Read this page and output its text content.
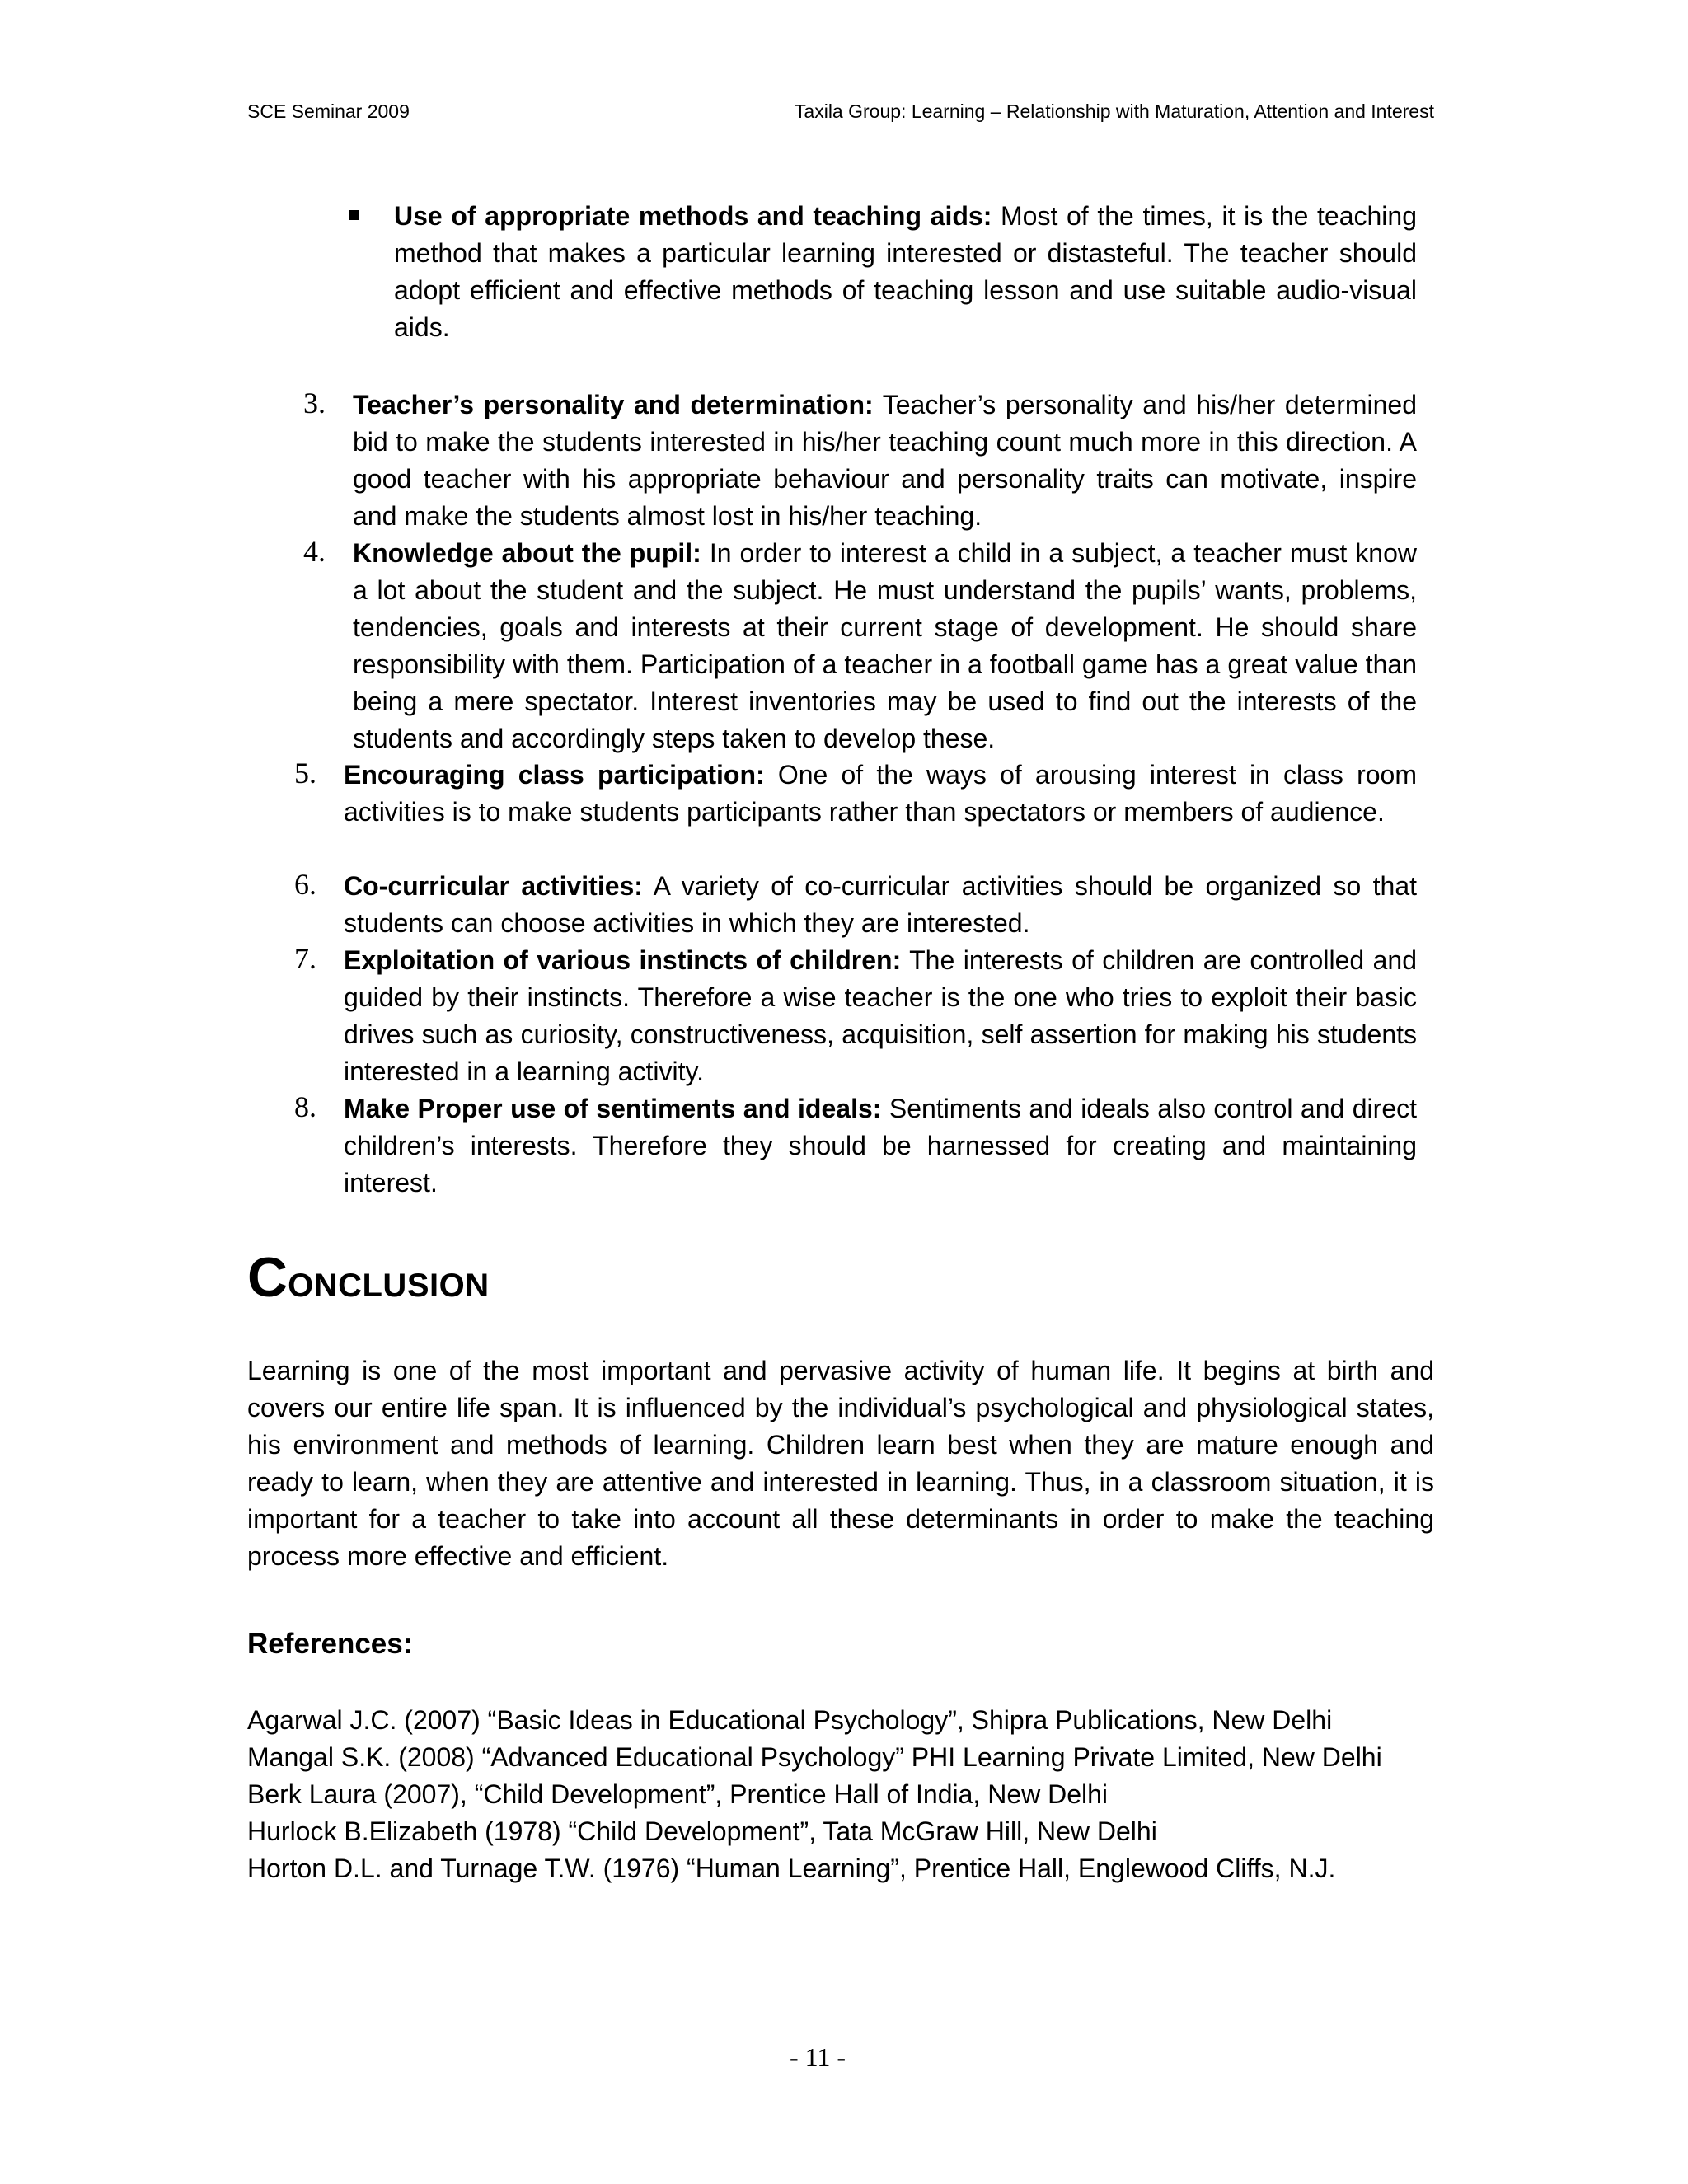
SCE Seminar 2009	Taxila Group: Learning – Relationship with Maturation, Attention and Interest
Use of appropriate methods and teaching aids: Most of the times, it is the teaching method that makes a particular learning interested or distasteful. The teacher should adopt efficient and effective methods of teaching lesson and use suitable audio-visual aids.
3. Teacher’s personality and determination: Teacher’s personality and his/her determined bid to make the students interested in his/her teaching count much more in this direction. A good teacher with his appropriate behaviour and personality traits can motivate, inspire and make the students almost lost in his/her teaching.
4. Knowledge about the pupil: In order to interest a child in a subject, a teacher must know a lot about the student and the subject. He must understand the pupils’ wants, problems, tendencies, goals and interests at their current stage of development. He should share responsibility with them. Participation of a teacher in a football game has a great value than being a mere spectator. Interest inventories may be used to find out the interests of the students and accordingly steps taken to develop these.
5. Encouraging class participation: One of the ways of arousing interest in class room activities is to make students participants rather than spectators or members of audience.
6. Co-curricular activities: A variety of co-curricular activities should be organized so that students can choose activities in which they are interested.
7. Exploitation of various instincts of children: The interests of children are controlled and guided by their instincts. Therefore a wise teacher is the one who tries to exploit their basic drives such as curiosity, constructiveness, acquisition, self assertion for making his students interested in a learning activity.
8. Make Proper use of sentiments and ideals: Sentiments and ideals also control and direct children’s interests. Therefore they should be harnessed for creating and maintaining interest.
CONCLUSION
Learning is one of the most important and pervasive activity of human life. It begins at birth and covers our entire life span. It is influenced by the individual’s psychological and physiological states, his environment and methods of learning. Children learn best when they are mature enough and ready to learn, when they are attentive and interested in learning. Thus, in a classroom situation, it is important for a teacher to take into account all these determinants in order to make the teaching process more effective and efficient.
References:
Agarwal J.C. (2007) “Basic Ideas in Educational Psychology”, Shipra Publications, New Delhi
Mangal S.K. (2008) “Advanced Educational Psychology” PHI Learning Private Limited, New Delhi
Berk Laura (2007), “Child Development”, Prentice Hall of India, New Delhi
Hurlock B.Elizabeth (1978) “Child Development”, Tata McGraw Hill, New Delhi
Horton D.L. and Turnage T.W. (1976) “Human Learning”, Prentice Hall, Englewood Cliffs, N.J.
- 11 -
